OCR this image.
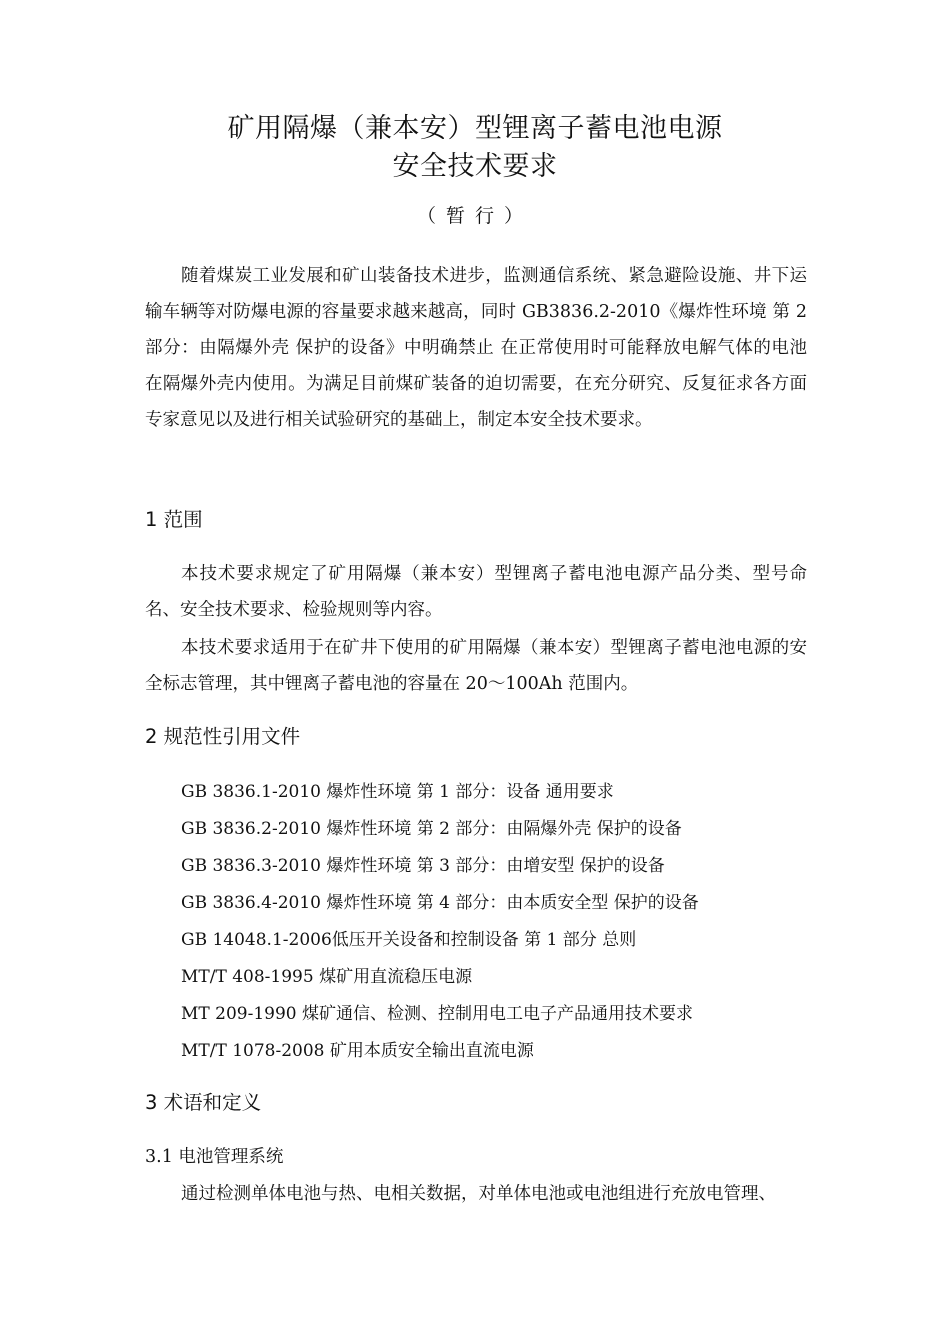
矿用隔爆（兼本安）型锂离子蓄电池电源
安全技术要求
（暂行）

随着煤炭工业发展和矿山装备技术进步，监测通信系统、紧急避险设施、井下运输车辆等对防爆电源的容量要求越来越高，同时 GB3836.2-2010《爆炸性环境 第 2 部分：由隔爆外壳 保护的设备》中明确禁止 在正常使用时可能释放电解气体的电池 在隔爆外壳内使用。为满足目前煤矿装备的迫切需要，在充分研究、反复征求各方面专家意见以及进行相关试验研究的基础上，制定本安全技术要求。

1 范围

本技术要求规定了矿用隔爆（兼本安）型锂离子蓄电池电源产品分类、型号命名、安全技术要求、检验规则等内容。

本技术要求适用于在矿井下使用的矿用隔爆（兼本安）型锂离子蓄电池电源的安全标志管理，其中锂离子蓄电池的容量在 20～100Ah 范围内。

2 规范性引用文件
GB 3836.1-2010 爆炸性环境 第 1 部分：设备 通用要求
GB 3836.2-2010 爆炸性环境 第 2 部分：由隔爆外壳 保护的设备
GB 3836.3-2010 爆炸性环境 第 3 部分：由增安型 保护的设备
GB 3836.4-2010 爆炸性环境 第 4 部分：由本质安全型 保护的设备
GB 14048.1-2006低压开关设备和控制设备 第 1 部分 总则
MT/T 408-1995 煤矿用直流稳压电源
MT 209-1990 煤矿通信、检测、控制用电工电子产品通用技术要求
MT/T 1078-2008 矿用本质安全输出直流电源
3 术语和定义
3.1 电池管理系统

通过检测单体电池与热、电相关数据，对单体电池或电池组进行充放电管理、
